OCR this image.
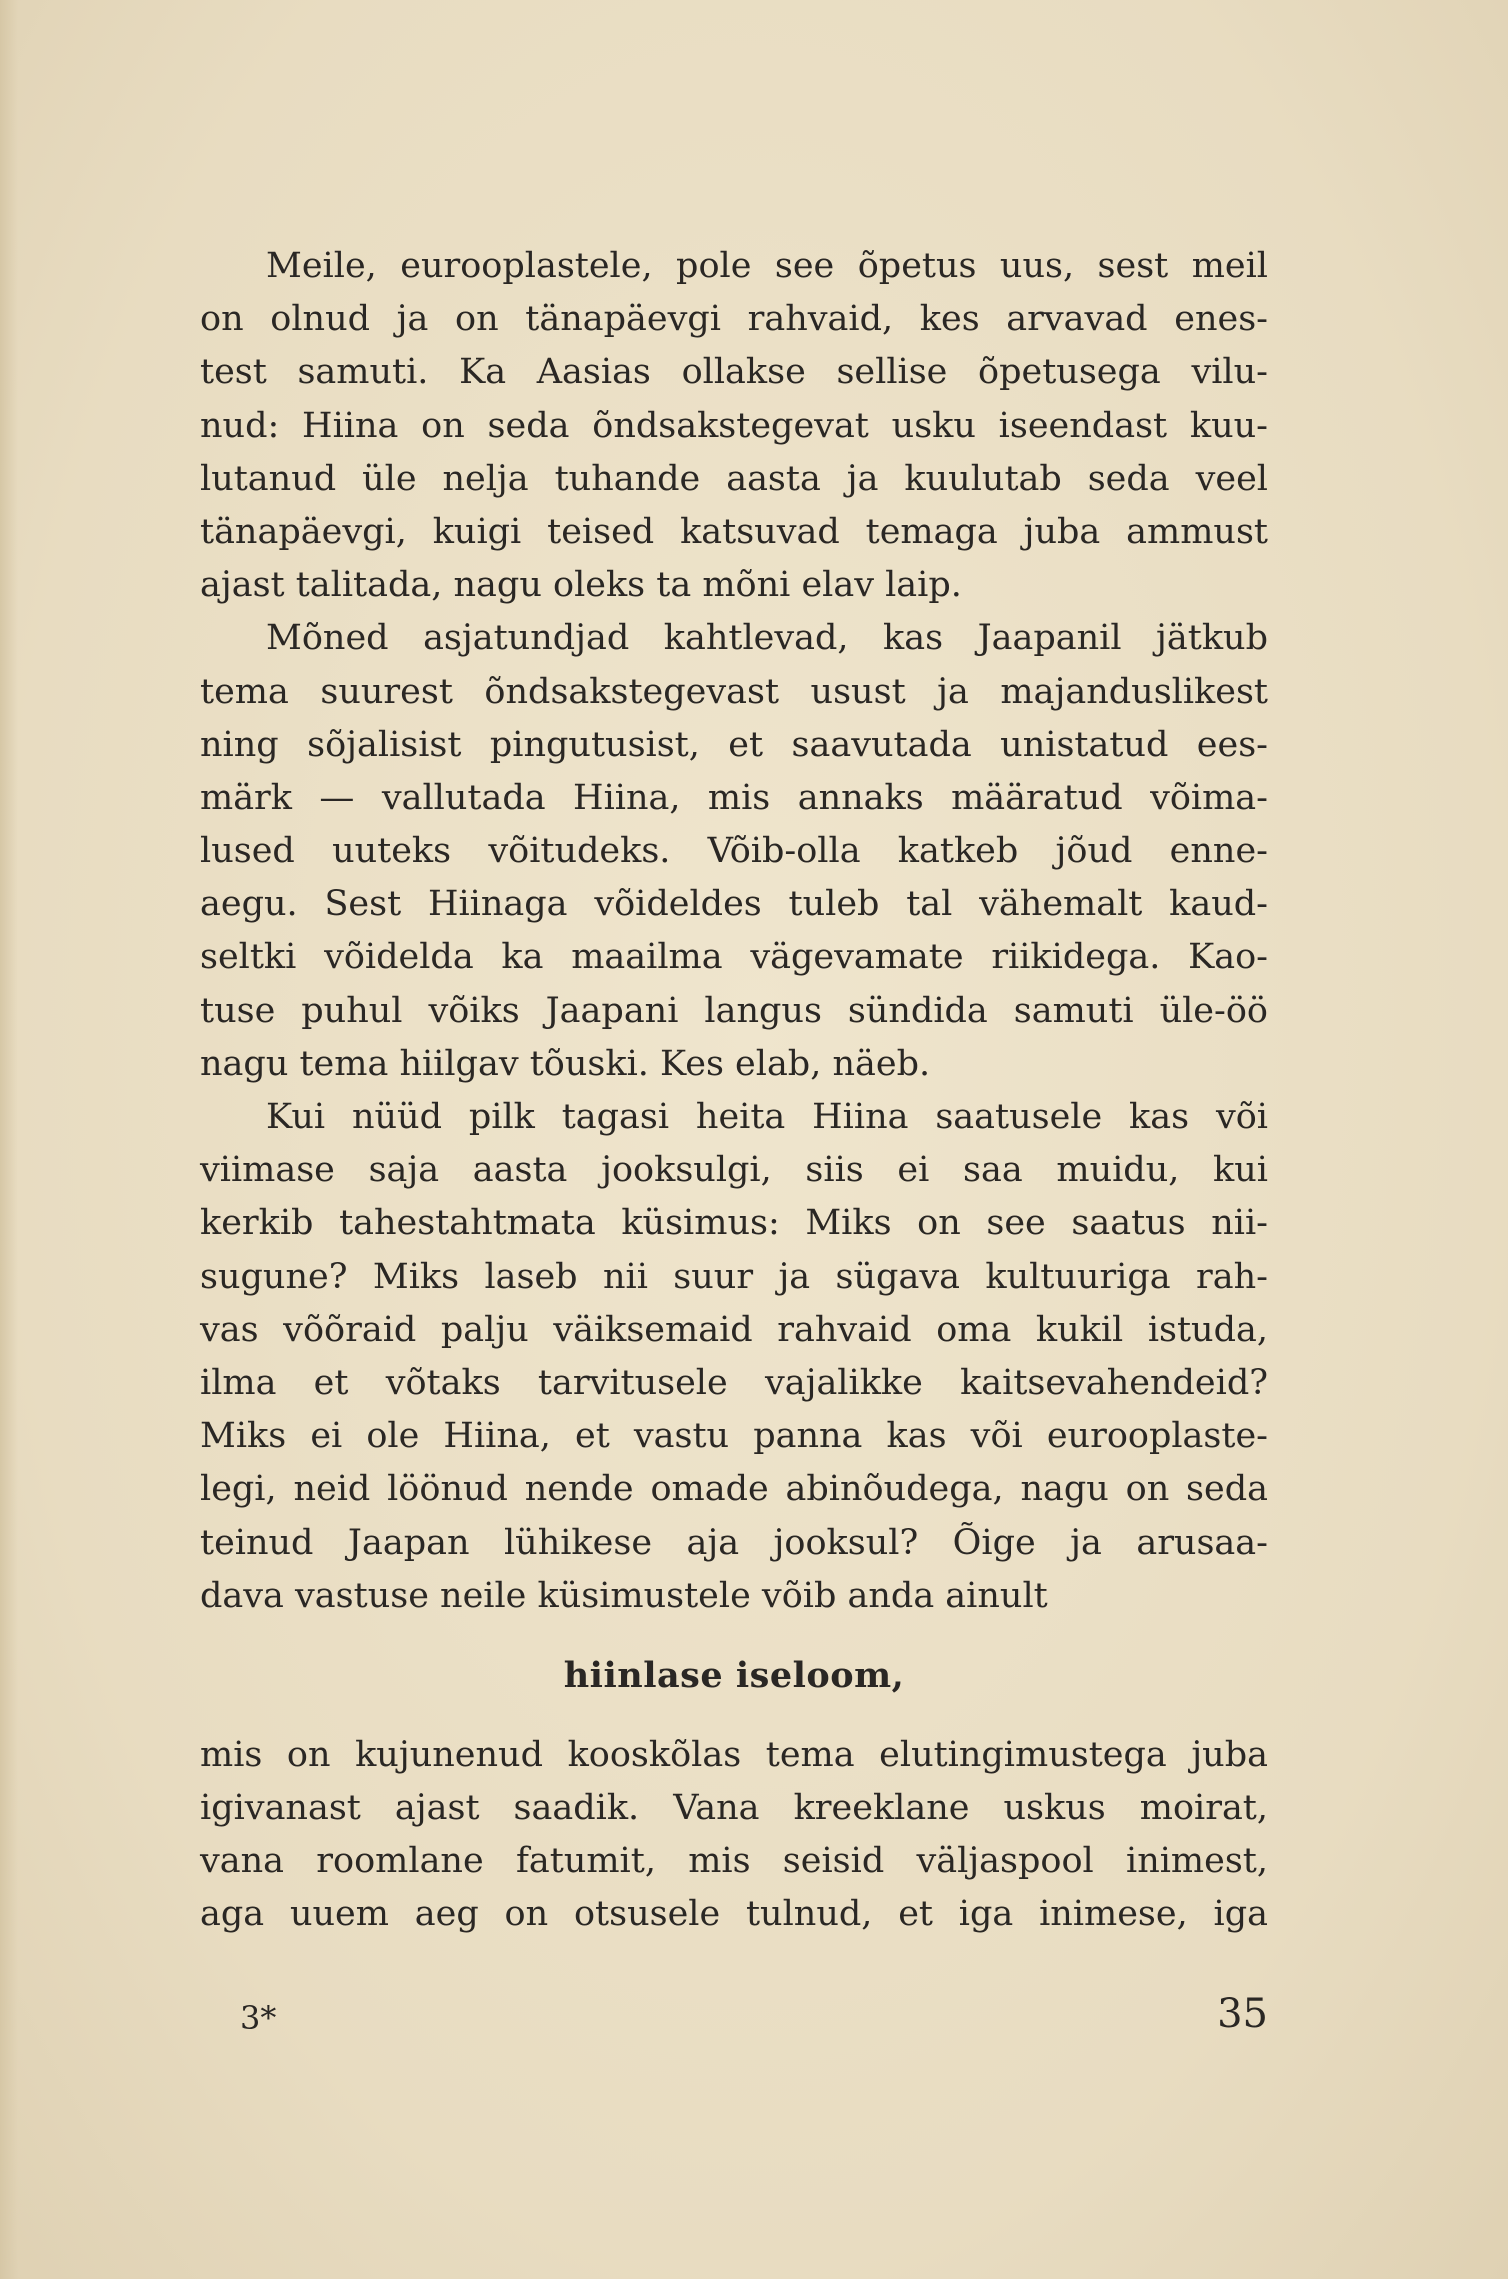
Meile, eurooplastele, pole see õpetus uus, sest meil
on olnud ja on tänapäevgi rahvaid, kes arvavad enes-
test samuti. Ka Aasias ollakse sellise õpetusega vilu-
nud: Hiina on seda õndsakstegevat usku iseendast kuu-
lutanud üle nelja tuhande aasta ja kuulutab seda veel
tänapäevgi, kuigi teised katsuvad temaga juba ammust
ajast talitada, nagu oleks ta mõni elav laip.
Mõned asjatundjad kahtlevad, kas Jaapanil jätkub
tema suurest õndsakstegevast usust ja majanduslikest
ning sõjalisist pingutusist, et saavutada unistatud ees-
märk — vallutada Hiina, mis annaks määratud võima-
lused uuteks võitudeks. Võib-olla katkeb jõud enne-
aegu. Sest Hiinaga võideldes tuleb tal vähemalt kaud-
seltki võidelda ka maailma vägevamate riikidega. Kao-
tuse puhul võiks Jaapani langus sündida samuti üle-öö
nagu tema hiilgav tõuski. Kes elab, näeb.
Kui nüüd pilk tagasi heita Hiina saatusele kas või
viimase saja aasta jooksulgi, siis ei saa muidu, kui
kerkib tahestahtmata küsimus: Miks on see saatus nii-
sugune? Miks laseb nii suur ja sügava kultuuriga rah-
vas võõraid palju väiksemaid rahvaid oma kukil istuda,
ilma et võtaks tarvitusele vajalikke kaitsevahendeid?
Miks ei ole Hiina, et vastu panna kas või eurooplaste-
legi, neid löönud nende omade abinõudega, nagu on seda
teinud Jaapan lühikese aja jooksul? Õige ja arusaa-
dava vastuse neile küsimustele võib anda ainult
hiinlase iseloom,
mis on kujunenud kooskõlas tema elutingimustega juba
igivanast ajast saadik. Vana kreeklane uskus moirat,
vana roomlane fatumit, mis seisid väljaspool inimest,
aga uuem aeg on otsusele tulnud, et iga inimese, iga
3*	35
